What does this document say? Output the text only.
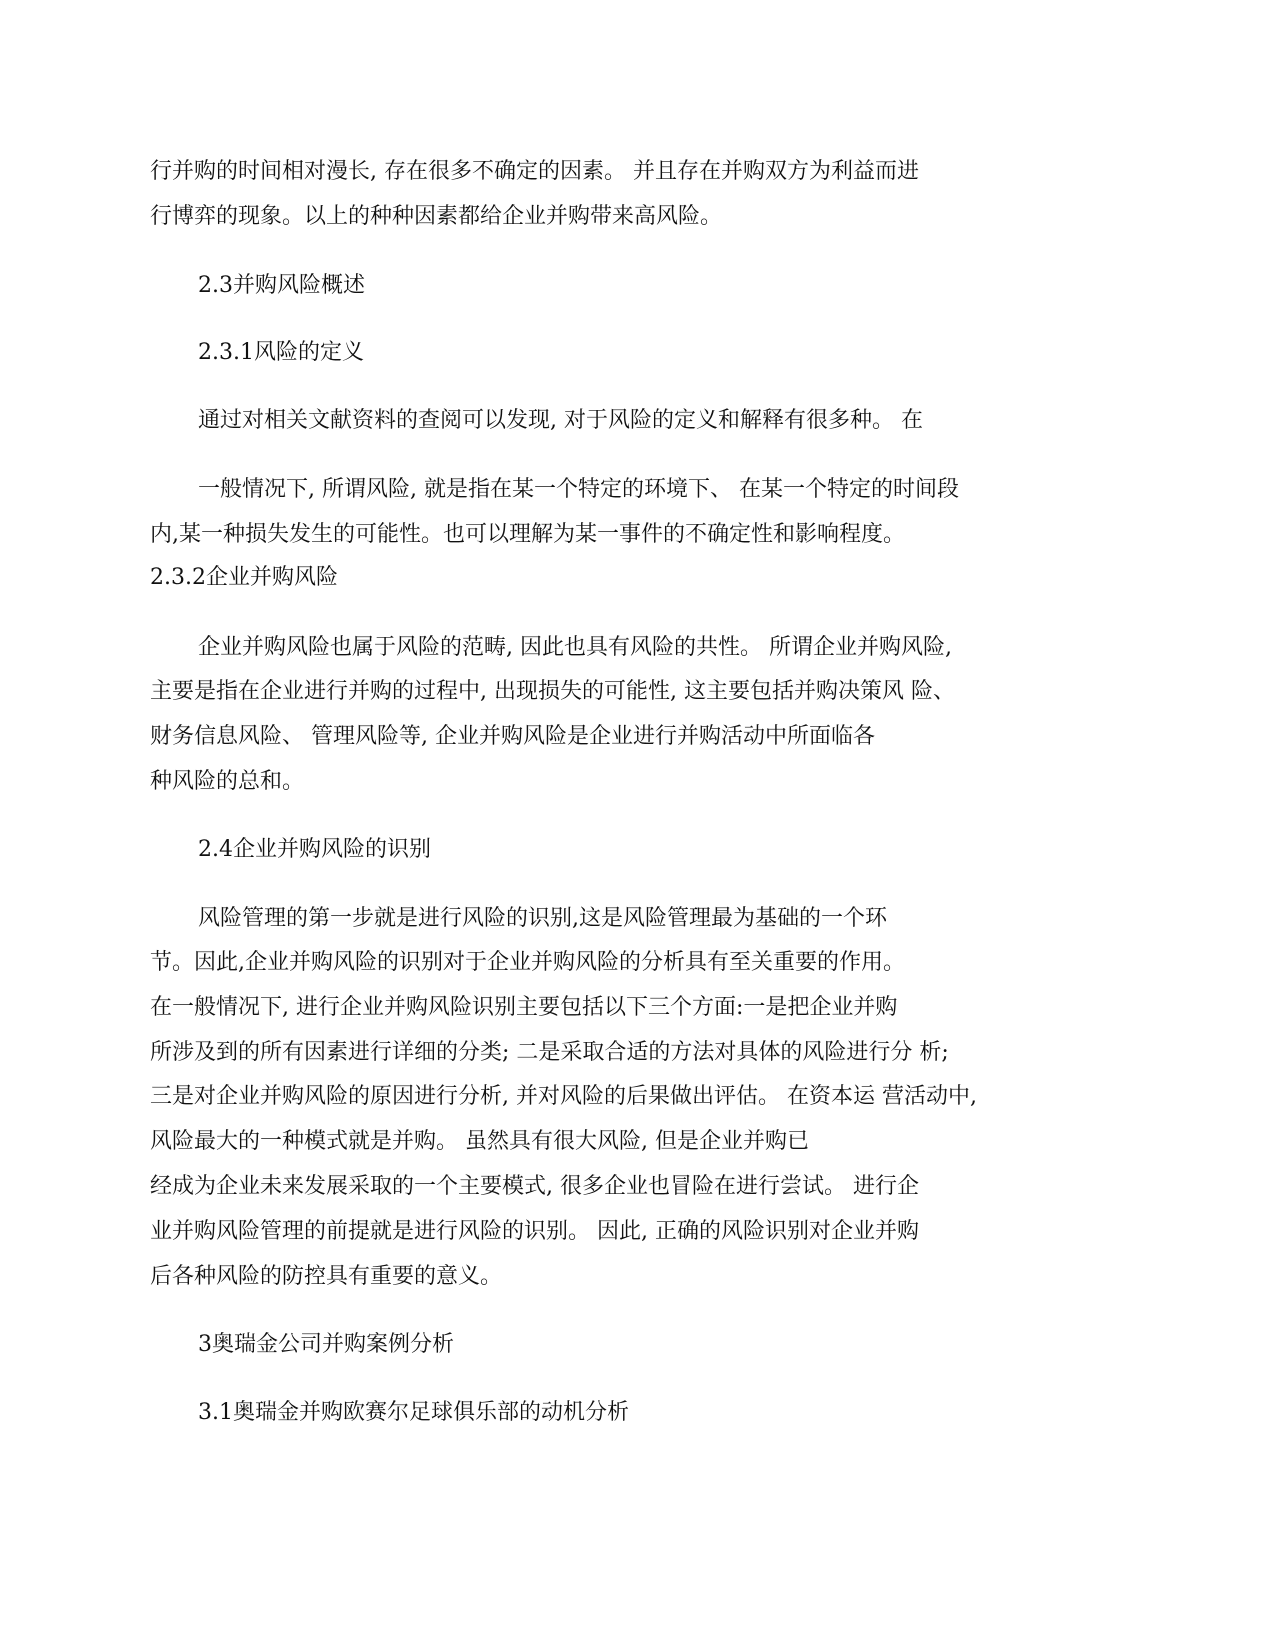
行并购的时间相对漫长, 存在很多不确定的因素。 并且存在并购双方为利益而进

行博弈的现象。以上的种种因素都给企业并购带来高风险。

2.3并购风险概述

2.3.1风险的定义

通过对相关文献资料的查阅可以发现, 对于风险的定义和解释有很多种。 在

一般情况下, 所谓风险, 就是指在某一个特定的环境下、 在某一个特定的时间段

内,某一种损失发生的可能性。也可以理解为某一事件的不确定性和影响程度。

2.3.2企业并购风险

企业并购风险也属于风险的范畴, 因此也具有风险的共性。 所谓企业并购风险,

主要是指在企业进行并购的过程中, 出现损失的可能性, 这主要包括并购决策风 险、

财务信息风险、 管理风险等, 企业并购风险是企业进行并购活动中所面临各

种风险的总和。

2.4企业并购风险的识别

风险管理的第一步就是进行风险的识别,这是风险管理最为基础的一个环

节。因此,企业并购风险的识别对于企业并购风险的分析具有至关重要的作用。

在一般情况下, 进行企业并购风险识别主要包括以下三个方面:一是把企业并购

所涉及到的所有因素进行详细的分类; 二是采取合适的方法对具体的风险进行分 析;

三是对企业并购风险的原因进行分析, 并对风险的后果做出评估。 在资本运 营活动中,

风险最大的一种模式就是并购。 虽然具有很大风险, 但是企业并购已

经成为企业未来发展采取的一个主要模式, 很多企业也冒险在进行尝试。 进行企

业并购风险管理的前提就是进行风险的识别。 因此, 正确的风险识别对企业并购

后各种风险的防控具有重要的意义。

3奥瑞金公司并购案例分析

3.1奥瑞金并购欧赛尔足球俱乐部的动机分析
